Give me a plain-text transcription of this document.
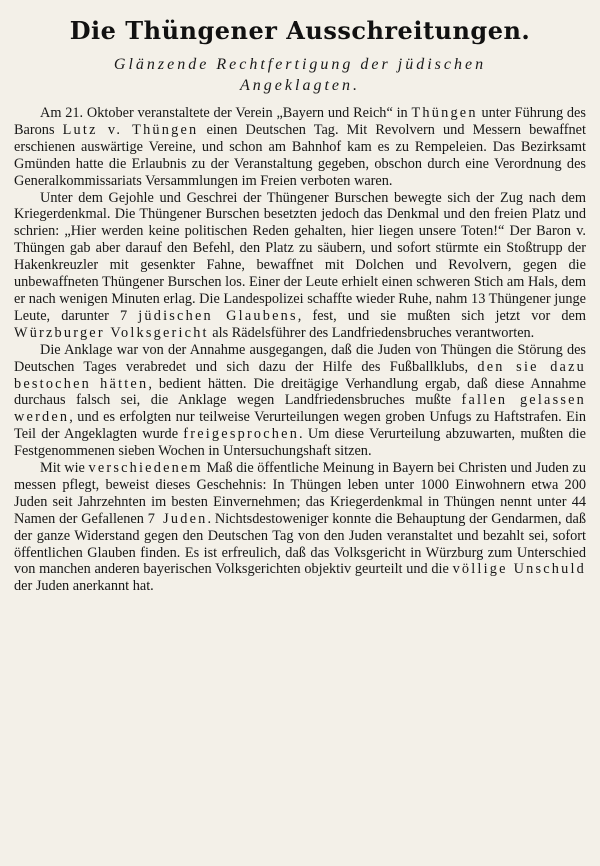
Die Thüngener Ausschreitungen.
Glänzende Rechtfertigung der jüdischen
Angeklagten.

Am 21. Oktober veranstaltete der Verein „Bayern und Reich“ in Thüngen unter Führung des Barons Lutz v. Thüngen einen Deutschen Tag. Mit Revolvern und Messern bewaffnet erschienen auswärtige Vereine, und schon am Bahnhof kam es zu Rempeleien. Das Bezirksamt Gmünden hatte die Erlaubnis zu der Veranstaltung gegeben, obschon durch eine Verordnung des Generalkommissariats Versammlungen im Freien verboten waren.

Unter dem Gejohle und Geschrei der Thüngener Burschen bewegte sich der Zug nach dem Kriegerdenkmal. Die Thüngener Burschen besetzten jedoch das Denkmal und den freien Platz und schrien: „Hier werden keine politischen Reden gehalten, hier liegen unsere Toten!“ Der Baron v. Thüngen gab aber darauf den Befehl, den Platz zu säubern, und sofort stürmte ein Stoßtrupp der Hakenkreuzler mit gesenkter Fahne, bewaffnet mit Dolchen und Revolvern, gegen die unbewaffneten Thüngener Burschen los. Einer der Leute erhielt einen schweren Stich am Hals, dem er nach wenigen Minuten erlag. Die Landespolizei schaffte wieder Ruhe, nahm 13 Thüngener junge Leute, darunter 7 jüdischen Glaubens, fest, und sie mußten sich jetzt vor dem Würzburger Volksgericht als Rädelsführer des Landfriedensbruches verantworten.

Die Anklage war von der Annahme ausgegangen, daß die Juden von Thüngen die Störung des Deutschen Tages verabredet und sich dazu der Hilfe des Fußballklubs, den sie dazu bestochen hätten, bedient hätten. Die dreitägige Verhandlung ergab, daß diese Annahme durchaus falsch sei, die Anklage wegen Landfriedensbruches mußte fallen gelassen werden, und es erfolgten nur teilweise Verurteilungen wegen groben Unfugs zu Haftstrafen. Ein Teil der Angeklagten wurde freigesprochen. Um diese Verurteilung abzuwarten, mußten die Festgenommenen sieben Wochen in Untersuchungshaft sitzen.

Mit wie verschiedenem Maß die öffentliche Meinung in Bayern bei Christen und Juden zu messen pflegt, beweist dieses Geschehnis: In Thüngen leben unter 1000 Einwohnern etwa 200 Juden seit Jahrzehnten im besten Einvernehmen; das Kriegerdenkmal in Thüngen nennt unter 44 Namen der Gefallenen 7 Juden. Nichtsdestoweniger konnte die Behauptung der Gendarmen, daß der ganze Widerstand gegen den Deutschen Tag von den Juden veranstaltet und bezahlt sei, sofort öffentlichen Glauben finden. Es ist erfreulich, daß das Volksgericht in Würzburg zum Unterschied von manchen anderen bayerischen Volksgerichten objektiv geurteilt und die völlige Unschuld der Juden anerkannt hat.
